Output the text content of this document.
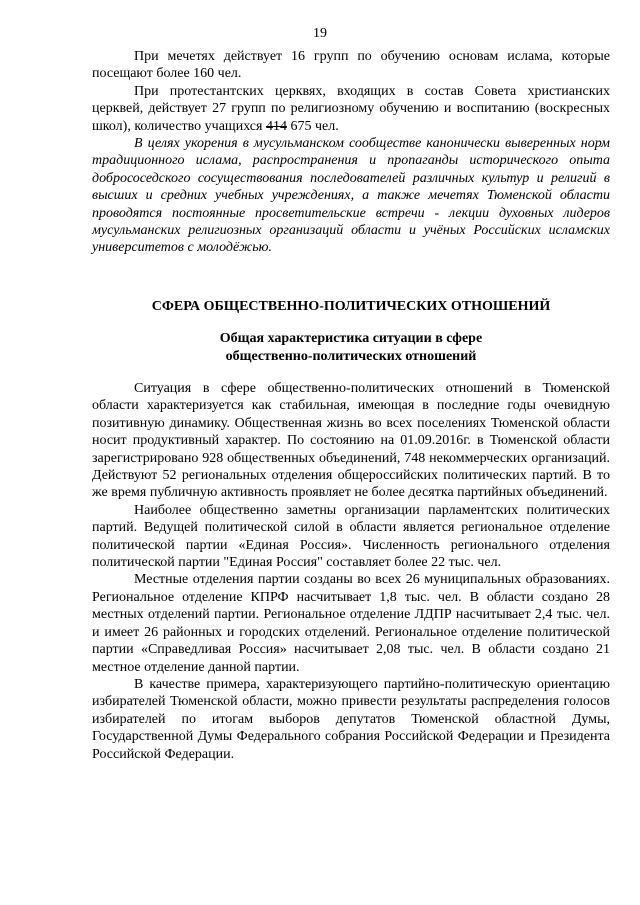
19

При мечетях действует 16 групп по обучению основам ислама, которые посещают более 160 чел.

При протестантских церквях, входящих в состав Совета христианских церквей, действует 27 групп по религиозному обучению и воспитанию (воскресных школ), количество учащихся 414 675 чел.

В целях укорения в мусульманском сообществе канонически выверенных норм традиционного ислама, распространения и пропаганды исторического опыта добрососедского сосуществования последователей различных культур и религий в высших и средних учебных учреждениях, а также мечетях Тюменской области проводятся постоянные просветительские встречи - лекции духовных лидеров мусульманских религиозных организаций области и учёных Российских исламских университетов с молодёжью.

СФЕРА ОБЩЕСТВЕННО-ПОЛИТИЧЕСКИХ ОТНОШЕНИЙ
Общая характеристика ситуации в сфере
общественно-политических отношений

Ситуация в сфере общественно-политических отношений в Тюменской области характеризуется как стабильная, имеющая в последние годы очевидную позитивную динамику. Общественная жизнь во всех поселениях Тюменской области носит продуктивный характер. По состоянию на 01.09.2016г. в Тюменской области зарегистрировано 928 общественных объединений, 748 некоммерческих организаций. Действуют 52 региональных отделения общероссийских политических партий. В то же время публичную активность проявляет не более десятка партийных объединений.

Наиболее общественно заметны организации парламентских политических партий. Ведущей политической силой в области является региональное отделение политической партии «Единая Россия». Численность регионального отделения политической партии "Единая Россия" составляет более 22 тыс. чел.

Местные отделения партии созданы во всех 26 муниципальных образованиях. Региональное отделение КПРФ насчитывает 1,8 тыс. чел. В области создано 28 местных отделений партии. Региональное отделение ЛДПР насчитывает 2,4 тыс. чел. и имеет 26 районных и городских отделений. Региональное отделение политической партии «Справедливая Россия» насчитывает 2,08 тыс. чел. В области создано 21 местное отделение данной партии.

В качестве примера, характеризующего партийно-политическую ориентацию избирателей Тюменской области, можно привести результаты распределения голосов избирателей по итогам выборов депутатов Тюменской областной Думы, Государственной Думы Федерального собрания Российской Федерации и Президента Российской Федерации.
